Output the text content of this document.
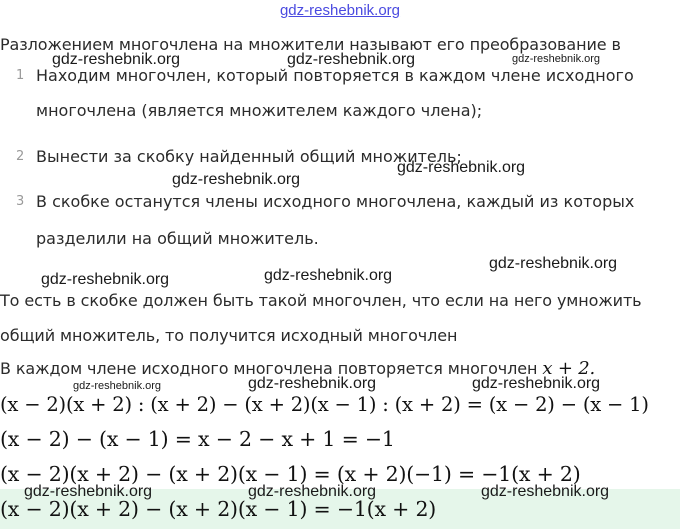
gdz-reshebnik.org
Разложением многочлена на множители называют его преобразование в
1 Находим многочлен, который повторяется в каждом члене исходного
многочлена (является множителем каждого члена);
2 Вынести за скобку найденный общий множитель;
3 В скобке останутся члены исходного многочлена, каждый из которых
разделили на общий множитель.
То есть в скобке должен быть такой многочлен, что если на него умножить
общий множитель, то получится исходный многочлен
В каждом члене исходного многочлена повторяется многочлен x + 2.
(x − 2)(x + 2) : (x + 2) − (x + 2)(x − 1) : (x + 2) = (x − 2) − (x − 1)
(x − 2) − (x − 1) = x − 2 − x + 1 = −1
(x − 2)(x + 2) − (x + 2)(x − 1) = (x + 2)(−1) = −1(x + 2)
(x − 2)(x + 2) − (x + 2)(x − 1) = −1(x + 2)
gdz-reshebnik.org	gdz-reshebnik.org	gdz-reshebnik.org
gdz-reshebnik.org
gdz-reshebnik.org
gdz-reshebnik.org
gdz-reshebnik.org
gdz-reshebnik.org
gdz-reshebnik.org	gdz-reshebnik.org	gdz-reshebnik.org
gdz-reshebnik.org	gdz-reshebnik.org	gdz-reshebnik.org
